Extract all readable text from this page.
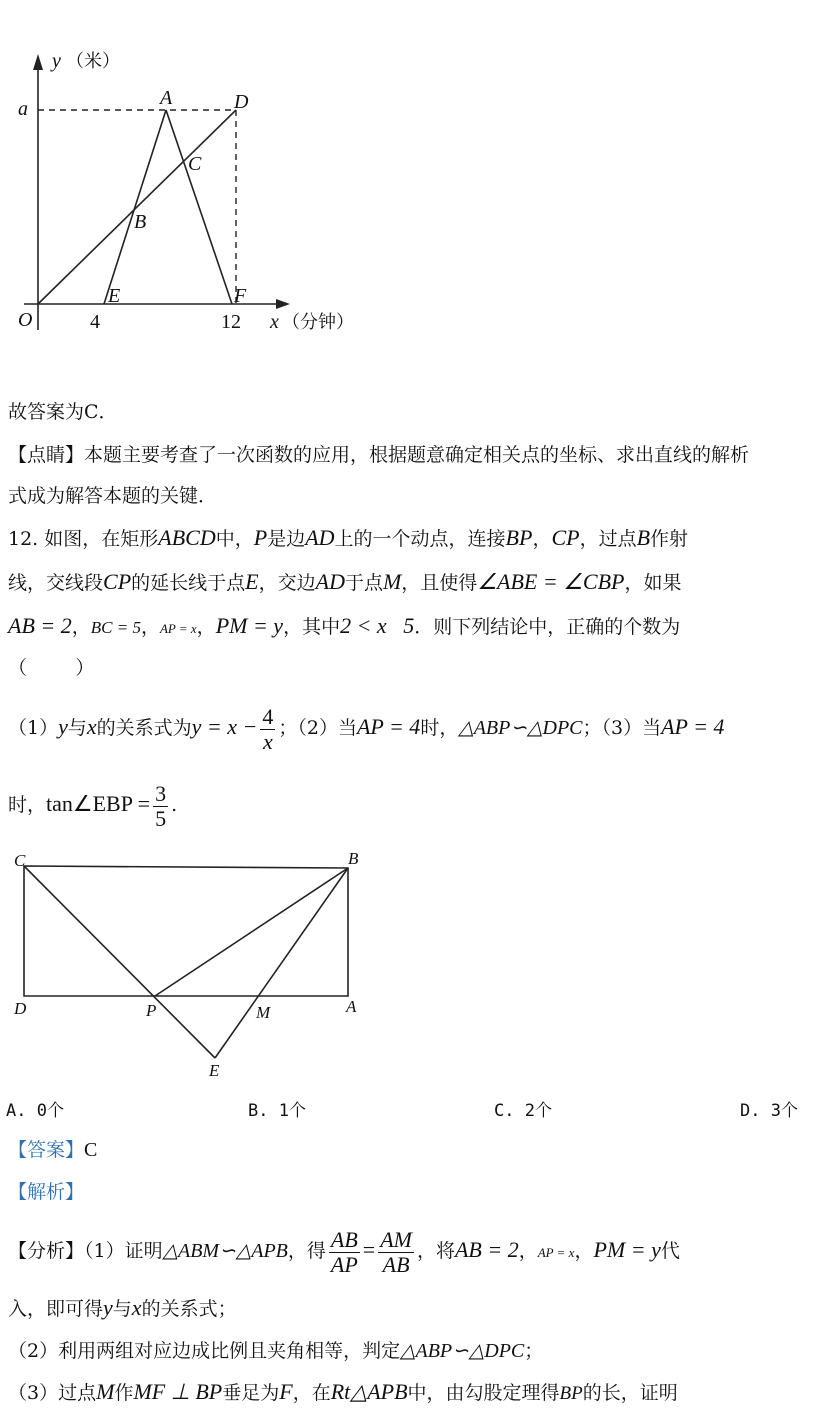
y （米）
a	A	D
C
B
E	F
O	4	12 x （分钟）
故答案为C．
【点睛】本题主要考查了一次函数的应用，根据题意确定相关点的坐标、求出直线的解析
式成为解答本题的关键．
12. 如图，在矩形ABCD中，P是边AD上的一个动点，连接BP，CP，过点B作射
线，交线段CP的延长线于点E，交边AD于点M，且使得∠ABE = ∠CBP，如果
AB = 2，BC = 5，AP = x，PM = y，其中2 < x   5．则下列结论中，正确的个数为
（        ）
（1）y与x的关系式为$y = x - \frac{4}{x}$ ；（2）当AP = 4时，△ABP∽△DPC；（3）当AP = 4
时，tan∠EBP = $\frac{3}{5}$ .
C	B
D	P	M	A
E
A. 0个	B. 1个	C. 2个	D. 3个
【答案】C
【解析】
【分析】（1）证明△ABM∽△APB，得 $\frac{AB}{AP} = \frac{AM}{AB}$ ，将AB = 2，AP = x，PM = y代
入，即可得y与x的关系式；
（2）利用两组对应边成比例且夹角相等，判定△ABP∽△DPC；
（3）过点M作MF ⊥ BP垂足为F，在Rt△APB中，由勾股定理得BP的长，证明
